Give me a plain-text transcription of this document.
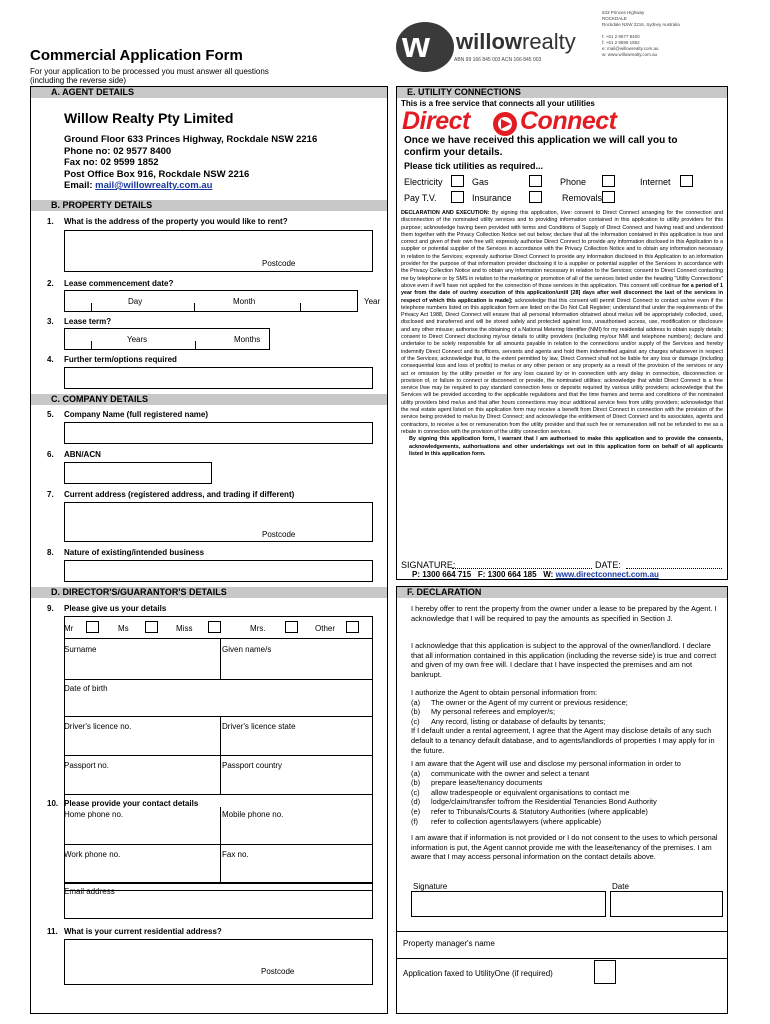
Commercial Application Form
For your application to be processed you must answer all questions
(including the reverse side)
w willowrealty
ABN 99 166 845 003 ACN 166 845 003
633 Princes Highway
ROCKDALE
Rockdale NSW 2216, Sydney Australia

t: +61 2 9577 8400
f: +61 2 9599 1852
e: mail@willowrealty.com.au
w: www.willowrealty.com.au
A. AGENT DETAILS
Willow Realty Pty Limited
Ground Floor 633 Princes Highway, Rockdale NSW 2216
Phone no: 02 9577 8400
Fax no: 02 9599 1852
Post Office Box 916, Rockdale NSW 2216
Email: mail@willowrealty.com.au
B. PROPERTY DETAILS
1. What is the address of the property you would like to rent?
Postcode
2. Lease commencement date?
Day	Month	Year
3. Lease term?
Years	Months
4. Further term/options required
C. COMPANY DETAILS
5. Company Name (full registered name)
6. ABN/ACN
7. Current address (registered address, and trading if different)
Postcode
8. Nature of existing/intended business
D. DIRECTOR'S/GUARANTOR'S DETAILS
9. Please give us your details
Mr	Ms	Miss	Mrs.	Other
Surname	Given name/s
Date of birth
Driver's licence no.	Driver's licence state
Passport no.	Passport country
10. Please provide your contact details
Home phone no.	Mobile phone no.
Work phone no.	Fax no.
Email address
11. What is your current residential address?
Postcode
E. UTILITY CONNECTIONS
This is a free service that connects all your utilities
Direct Connect
Once we have received this application we will call you to
confirm your details.
Please tick utilities as required...
Electricity	Gas	Phone	Internet
Pay T.V.	Insurance	Removals
DECLARATION AND EXECUTION: By signing this application, I/we: consent to Direct Connect arranging for the connection and disconnection of the nominated utility services and to providing information contained in this application to utility providers for this purpose; acknowledge having been provided with terms and Conditions of Supply of Direct Connect and having read and understood them together with the Privacy Collection Notice set out below; declare that all the information contained in this application is true and correct and given of their own free will; expressly authorise Direct Connect to provide any information disclosed in this Application to a supplier or potential supplier of the Services in accordance with the Privacy Collection Notice and to obtain any information necessary in relation to the Services; expressly authorise Direct Connect to provide any information disclosed in this Application to an information provider for the purpose of that information provider disclosing it to a supplier or potential supplier of the Services in accordance with the Privacy Collection Notice and to obtain any information necessary in relation to the Services; consent to Direct Connect contacting me by telephone or by SMS in relation to the marketing or promotion of all of the services listed under the heading "Utility Connections" above even if we'll have not applied for the connection of those services in this application. This consent will continue for a period of 1 year from the date of our/my execution of this application/until [28] days after well disconnect the last of the services in respect of which this application is made]; acknowledge that this consent will permit Direct Connect to contact us/me even if the telephone numbers listed on this application form are listed on the Do Not Call Register; understand that under the requirements of the Privacy Act 1988, Direct Connect will ensure that all personal information obtained about me/us will be appropriately collected, used, disclosed and transferred and will be stored safely and protected against loss, unauthorised access, use, modification or disclosure and any other misuse; authorise the obtaining of a National Metering Identifier (NMI) for my residential address to obtain supply details; consent to Direct Connect disclosing my/our details to utility providers (including my/our NMI and telephone numbers); declare and undertake to be solely responsible for all amounts payable in relation to the connections and/or supply of the Services and hereby indemnify Direct Connect and its officers, servants and agents and hold them indemnified against any charges whatsoever in respect of the Services; acknowledge that, to the extent permitted by law, Direct Connect shall not be liable for any loss or damage (including consequential loss and loss of profits) to me/us or any other person or any property as a result of the provision of the services or any act or omission by the utility provider or for any loss caused by or in connection with any delay in connection, disconnection or provision of, or failure to connect or disconnect or provide, the nominated utilities; acknowledge that whilst Direct Connect is a free service I/we may be required to pay standard connection fees or deposits required by various utility providers; acknowledge that the Services will be provided according to the applicable regulations and that the time frames and terms and conditions of the nominated utility providers bind me/us and that after hours connections may incur additional service fees from utility providers; acknowledge that the real estate agent listed on this application form may receive a benefit from Direct Connect in connection with the provision of the service being provided to me/us by Direct Connect; and acknowledge the entitlement of Direct Connect and its associates, agents and contractors, to receive a fee or remuneration from the utility provider and that such fee or remuneration will not be refunded to me as a rebate in connection with the provision of the utility connection services.
By signing this application form, I warrant that I am authorised to make this application and to provide the consents, acknowledgements, authorisations and other undertakings set out in this application form on behalf of all applicants listed in this application form.
SIGNATURE:	DATE:
P: 1300 664 715 F: 1300 664 185 W: www.directconnect.com.au
F. DECLARATION
I hereby offer to rent the property from the owner under a lease to be prepared by the Agent. I acknowledge that I will be required to pay the amounts as specified in Section J.
I acknowledge that this application is subject to the approval of the owner/landlord. I declare that all information contained in this application (including the reverse side) is true and correct and given of my own free will. I declare that I have inspected the premises and am not bankrupt.
I authorize the Agent to obtain personal information from:
(a)	The owner or the Agent of my current or previous residence;
(b)	My personal referees and employer/s;
(c)	Any record, listing or database of defaults by tenants;
If I default under a rental agreement, I agree that the Agent may disclose details of any such default to a tenancy default database, and to agents/landlords of properties I may apply for in the future.
I am aware that the Agent will use and disclose my personal information in order to
(a)	communicate with the owner and select a tenant
(b)	prepare lease/tenancy documents
(c)	allow tradespeople or equivalent organisations to contact me
(d)	lodge/claim/transfer to/from the Residential Tenancies Bond Authority
(e)	refer to Tribunals/Courts & Statutory Authorities (where applicable)
(f)	refer to collection agents/lawyers (where applicable)
I am aware that if information is not provided or I do not consent to the uses to which personal information is put, the Agent cannot provide me with the lease/tenancy of the premises. I am aware that I may access personal information on the contact details above.
Signature	Date
Property manager's name
Application faxed to UtilityOne (if required)
